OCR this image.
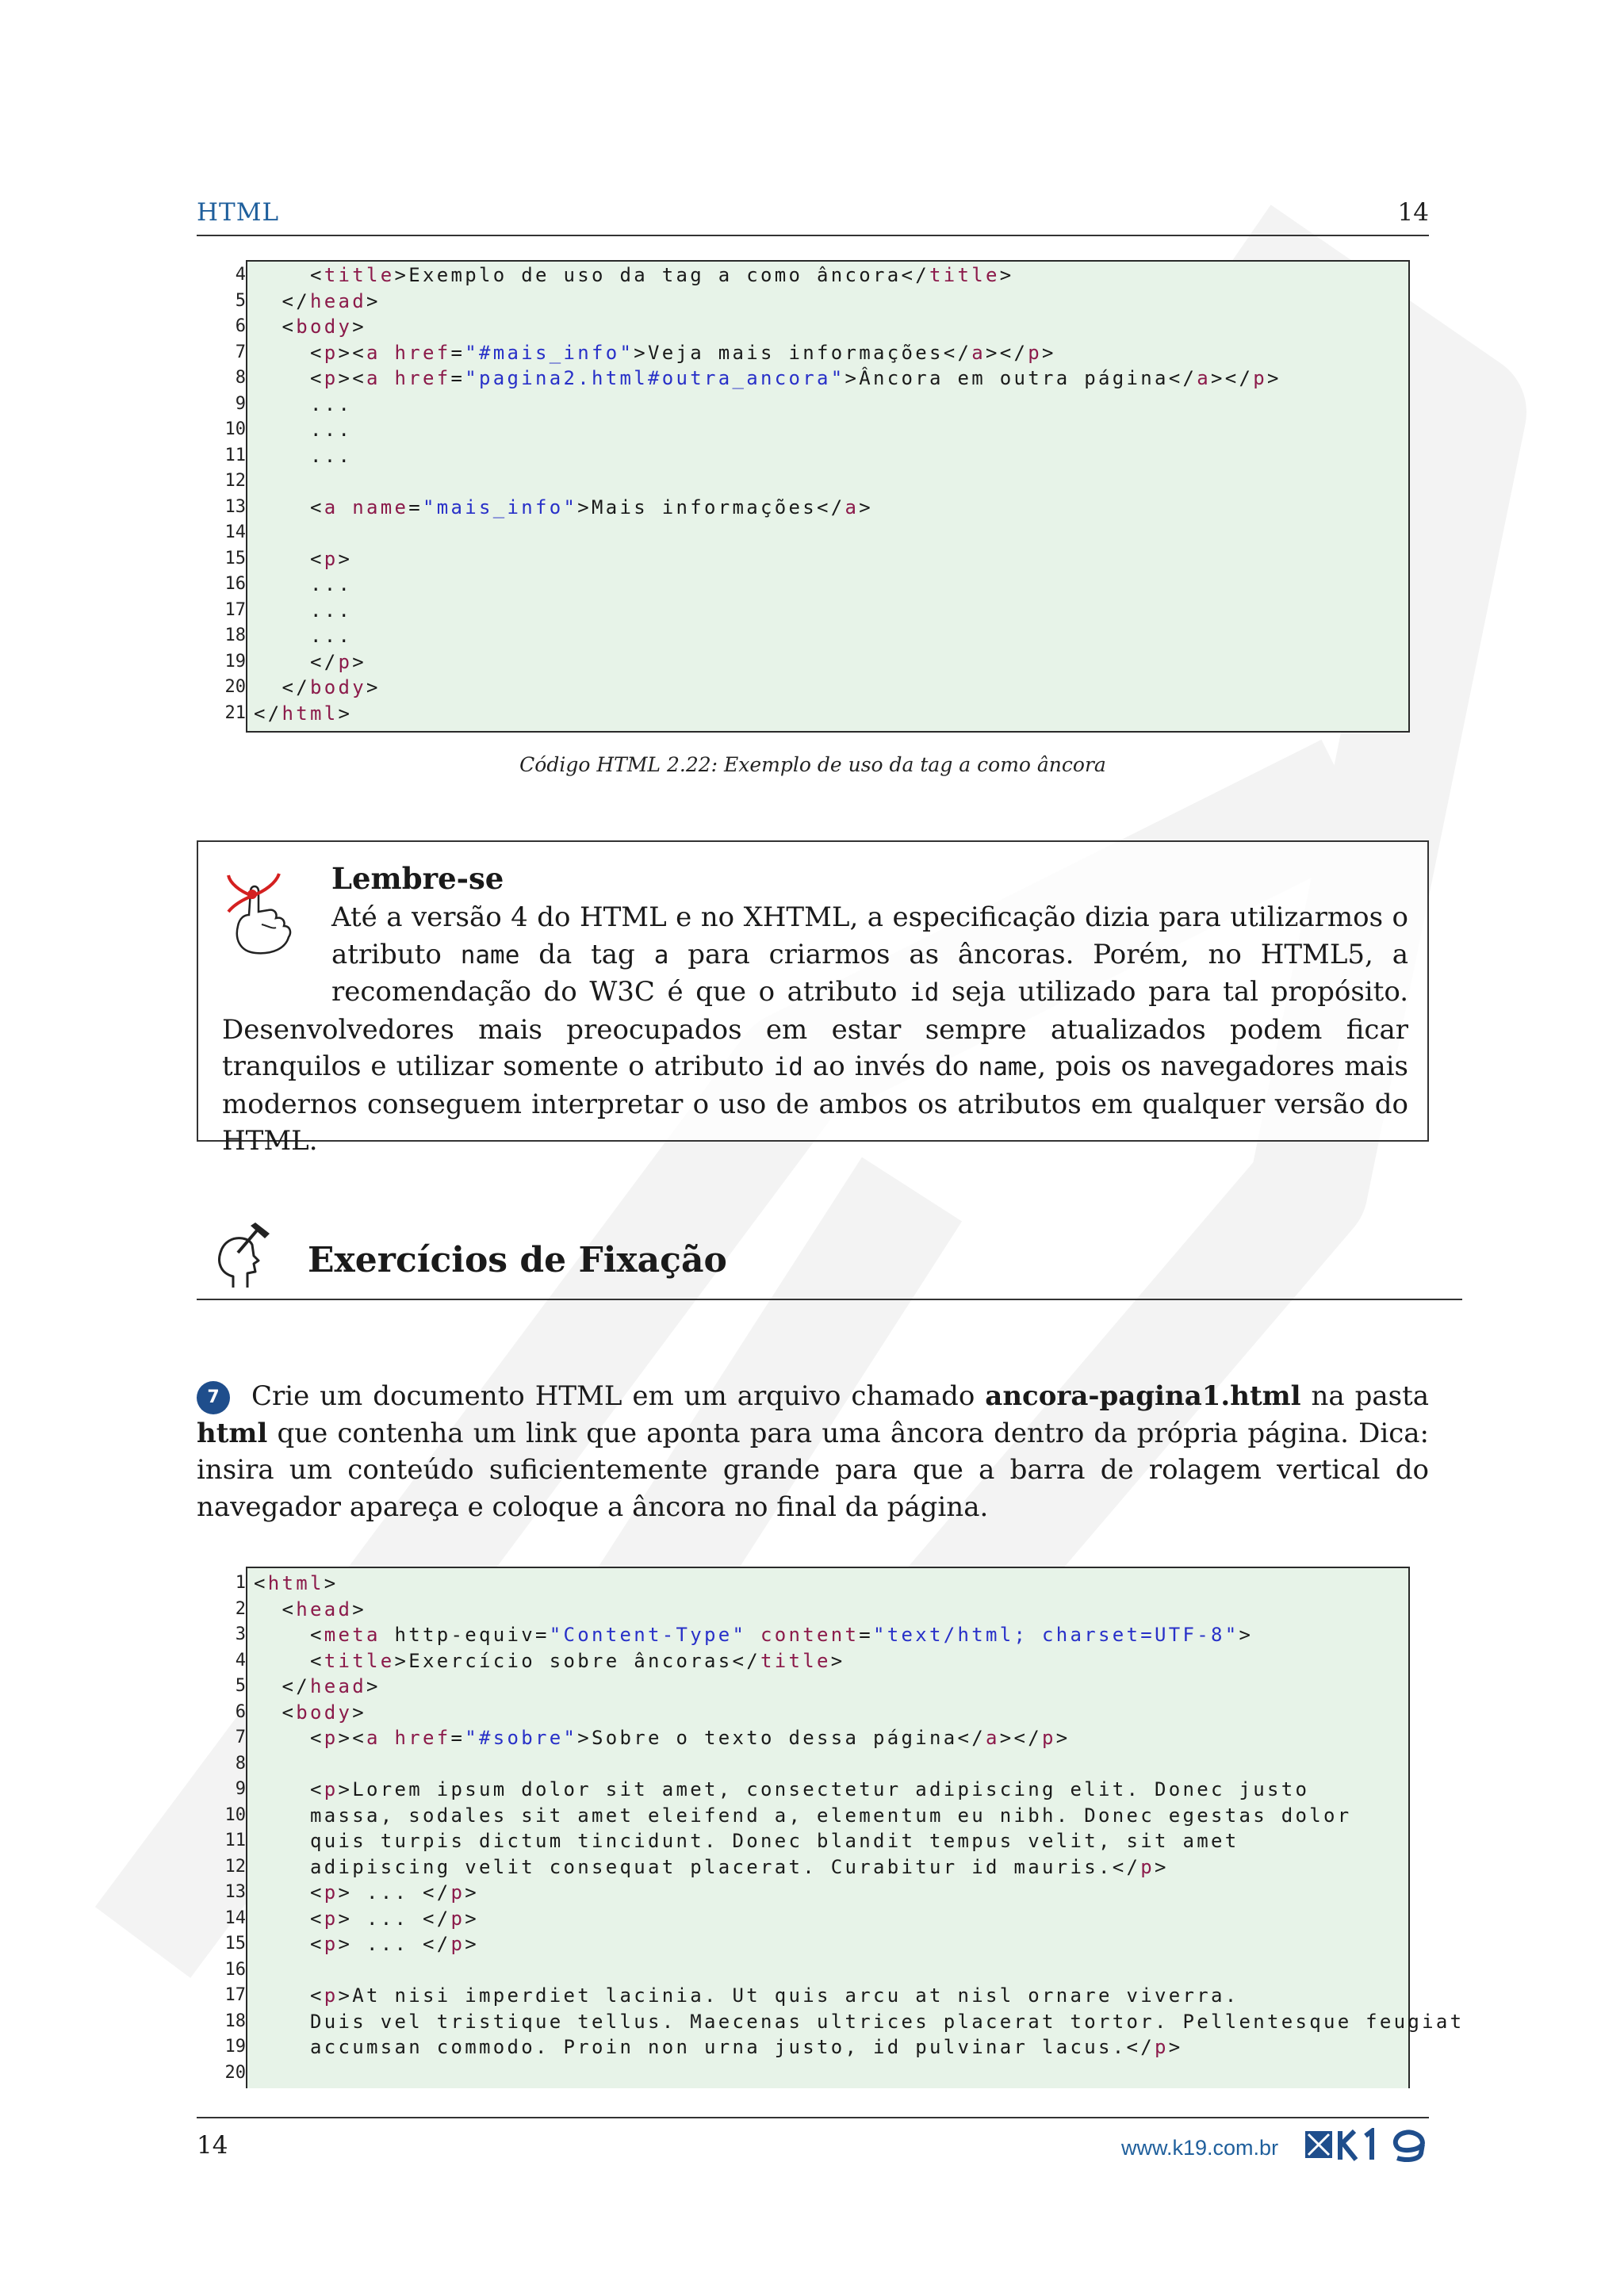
HTML	14
4
5
6
7
8
9
10
11
12
13
14
15
16
17
18
19
20
21
<title>Exemplo de uso da tag a como âncora</title>
</head>
<body>
<p><a href="#mais_info">Veja mais informações</a></p>
<p><a href="pagina2.html#outra_ancora">Âncora em outra página</a></p>
...
...
...
<a name="mais_info">Mais informações</a>
<p>
...
...
...
</p>
</body>
</html>
Código HTML 2.22: Exemplo de uso da tag a como âncora
Lembre-se
Até a versão 4 do HTML e no XHTML, a especificação dizia para utilizarmos o atributo name da tag a para criarmos as âncoras. Porém, no HTML5, a recomendação do W3C é que o atributo id seja utilizado para tal propósito. Desenvolvedores mais preocupados em estar sempre atualizados podem ficar tranquilos e utilizar somente o atributo id ao invés do name, pois os navegadores mais modernos conseguem interpretar o uso de ambos os atributos em qualquer versão do HTML.
Exercícios de Fixação
7 Crie um documento HTML em um arquivo chamado ancora-pagina1.html na pasta html que contenha um link que aponta para uma âncora dentro da própria página. Dica: insira um conteúdo suficientemente grande para que a barra de rolagem vertical do navegador apareça e coloque a âncora no final da página.
1
2
3
4
5
6
7
8
9
10
11
12
13
14
15
16
17
18
19
20
<html>
<head>
<meta http-equiv="Content-Type" content="text/html; charset=UTF-8">
<title>Exercício sobre âncoras</title>
</head>
<body>
<p><a href="#sobre">Sobre o texto dessa página</a></p>
<p>Lorem ipsum dolor sit amet, consectetur adipiscing elit. Donec justo
massa, sodales sit amet eleifend a, elementum eu nibh. Donec egestas dolor
quis turpis dictum tincidunt. Donec blandit tempus velit, sit amet
adipiscing velit consequat placerat. Curabitur id mauris.</p>
<p> ... </p>
<p> ... </p>
<p> ... </p>
<p>At nisi imperdiet lacinia. Ut quis arcu at nisl ornare viverra.
Duis vel tristique tellus. Maecenas ultrices placerat tortor. Pellentesque feugiat
accumsan commodo. Proin non urna justo, id pulvinar lacus.</p>
14	www.k19.com.br
